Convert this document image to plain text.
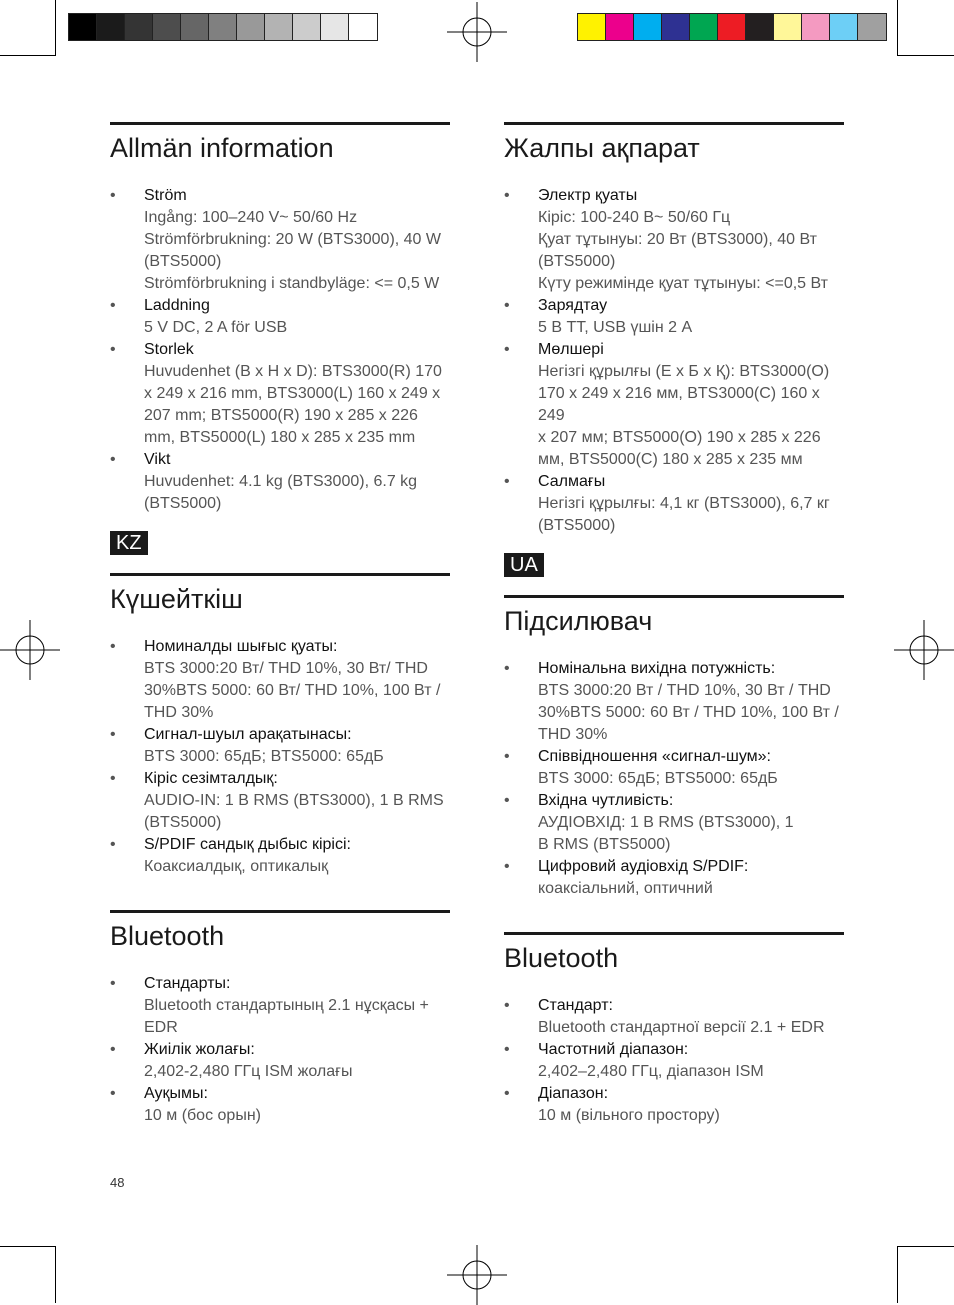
Allmän information
• Ström
Ingång: 100–240 V~ 50/60 Hz
Strömförbrukning: 20 W (BTS3000), 40 W (BTS5000)
Strömförbrukning i standbyläge: <= 0,5 W
• Laddning
5 V DC, 2 A för USB
• Storlek
Huvudenhet (B x H x D): BTS3000(R) 170 x 249 x 216 mm, BTS3000(L) 160 x 249 x 207 mm; BTS5000(R) 190 x 285 x 226 mm, BTS5000(L) 180 x 285 x 235 mm
• Vikt
Huvudenhet: 4.1 kg (BTS3000), 6.7 kg (BTS5000)
KZ
Күшейткіш
• Номиналды шығыс қуаты:
BTS 3000:20 Вт/ THD 10%, 30 Вт/ THD 30%BTS 5000: 60 Вт/ THD 10%, 100 Вт / THD 30%
• Сигнал-шуыл арақатынасы:
BTS 3000: 65дБ; BTS5000: 65дБ
• Кіріс сезімталдық:
AUDIO-IN: 1 В RMS (BTS3000), 1 В RMS (BTS5000)
• S/PDIF сандық дыбыс кірісі:
Коаксиалдық, оптикалық
Bluetooth
• Стандарты:
Bluetooth стандартының 2.1 нұсқасы + EDR
• Жиілік жолағы:
2,402-2,480 ГГц ISM жолағы
• Ауқымы:
10 м (бос орын)
Жалпы ақпарат
• Электр қуаты
Кіріс: 100-240 В~ 50/60 Гц
Қуат тұтынуы: 20 Вт (BTS3000), 40 Вт (BTS5000)
Күту режимінде қуат тұтынуы: <=0,5 Вт
• Зарядтау
5 В ТТ, USB үшін 2 А
• Мөлшері
Негізгі құрылғы (Е x Б x Қ): BTS3000(О) 170 x 249 x 216 мм, BTS3000(С) 160 x 249
x 207 мм; BTS5000(О) 190 x 285 x 226 мм, BTS5000(С) 180 x 285 x 235 мм
• Салмағы
Негізгі құрылғы: 4,1 кг (BTS3000), 6,7 кг (BTS5000)
UA
Підсилювач
• Номінальна вихідна потужність:
BTS 3000:20 Вт / THD 10%, 30 Вт / THD 30%BTS 5000: 60 Вт / THD 10%, 100 Вт / THD 30%
• Співвідношення «сигнал-шум»:
BTS 3000: 65дБ; BTS5000: 65дБ
• Вхідна чутливість:
АУДІОВХІД: 1 В RMS (BTS3000), 1
В RMS (BTS5000)
• Цифровий аудіовхід S/PDIF:
коаксіальний, оптичний
Bluetooth
• Стандарт:
Bluetooth стандартної версії 2.1 + EDR
• Частотний діапазон:
2,402–2,480 ГГц, діапазон ISM
• Діапазон:
10 м (вільного простору)
48
